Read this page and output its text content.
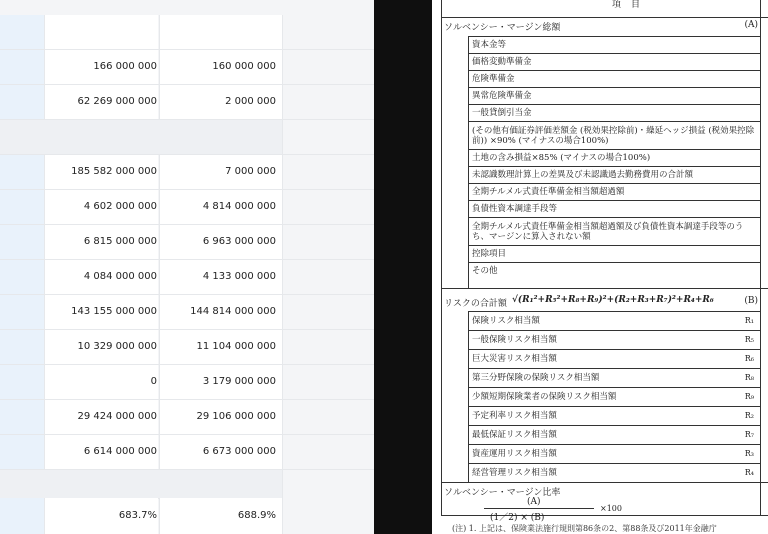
166 000 000	160 000 000
62 269 000 000	2 000 000
185 582 000 000	7 000 000
4 602 000 000	4 814 000 000
6 815 000 000	6 963 000 000
4 084 000 000	4 133 000 000
143 155 000 000	144 814 000 000
10 329 000 000	11 104 000 000
0	3 179 000 000
29 424 000 000	29 106 000 000
6 614 000 000	6 673 000 000
683.7%	688.9%
項目
ソルベンシー・マージン総額	(A)
資本金等
価格変動準備金
危険準備金
異常危険準備金
一般貸倒引当金
(その他有価証券評価差額金 (税効果控除前)・繰延ヘッジ損益 (税効果控除前)) ×90% (マイナスの場合100%)
土地の含み損益×85% (マイナスの場合100%)
未認識数理計算上の差異及び未認識過去勤務費用の合計額
全期チルメル式責任準備金相当額超過額
負債性資本調達手段等
全期チルメル式責任準備金相当額超過額及び負債性資本調達手段等のうち、マージンに算入されない額
控除項目
その他
リスクの合計額 √(R₁²+R₅²+R₈+R₉)²+(R₂+R₃+R₇)²+R₄+R₆	(B)
保険リスク相当額	R₁
一般保険リスク相当額	R₅
巨大災害リスク相当額	R₆
第三分野保険の保険リスク相当額	R₈
少額短期保険業者の保険リスク相当額	R₉
予定利率リスク相当額	R₂
最低保証リスク相当額	R₇
資産運用リスク相当額	R₃
経営管理リスク相当額	R₄
ソルベンシー・マージン比率
(A)
(1／2) × (B)
×100
(注) 1. 上記は、保険業法施行規則第86条の2、第88条及び2011年金融庁
